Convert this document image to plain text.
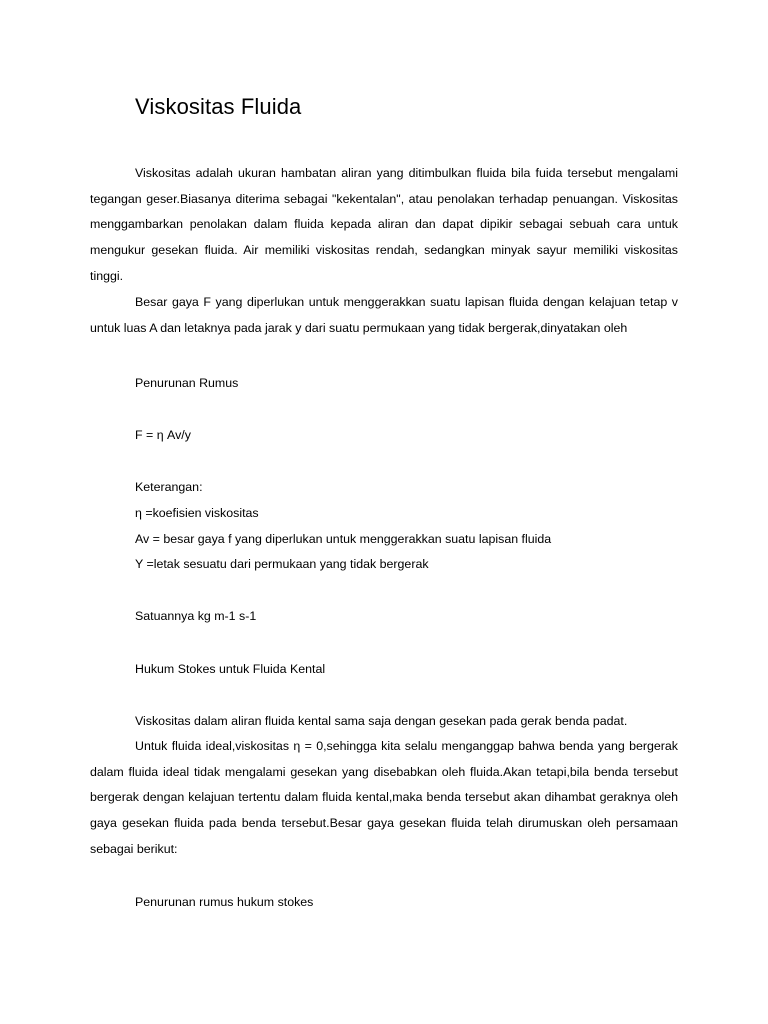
Viskositas Fluida

Viskositas adalah ukuran hambatan aliran yang ditimbulkan fluida bila fuida tersebut mengalami tegangan geser.Biasanya diterima sebagai "kekentalan", atau penolakan terhadap penuangan. Viskositas menggambarkan penolakan dalam fluida kepada aliran dan dapat dipikir sebagai sebuah cara untuk mengukur gesekan fluida. Air memiliki viskositas rendah, sedangkan minyak sayur memiliki viskositas tinggi.

Besar gaya F yang diperlukan untuk menggerakkan suatu lapisan fluida dengan kelajuan tetap v untuk luas A dan letaknya pada jarak y dari suatu permukaan yang tidak bergerak,dinyatakan oleh

Penurunan Rumus

F = η Av/y

Keterangan:

η =koefisien viskositas

Av = besar gaya f yang diperlukan untuk menggerakkan suatu lapisan fluida

Y =letak sesuatu dari permukaan yang tidak bergerak

Satuannya kg m-1 s-1

Hukum Stokes untuk Fluida Kental

Viskositas dalam aliran fluida kental sama saja dengan gesekan pada gerak benda padat.

Untuk fluida ideal,viskositas η = 0,sehingga kita selalu menganggap bahwa benda yang bergerak dalam fluida ideal tidak mengalami gesekan yang disebabkan oleh fluida.Akan tetapi,bila benda tersebut bergerak dengan kelajuan tertentu dalam fluida kental,maka benda tersebut akan dihambat geraknya oleh gaya gesekan fluida pada benda tersebut.Besar gaya gesekan fluida telah dirumuskan oleh persamaan sebagai berikut:

Penurunan rumus hukum stokes
